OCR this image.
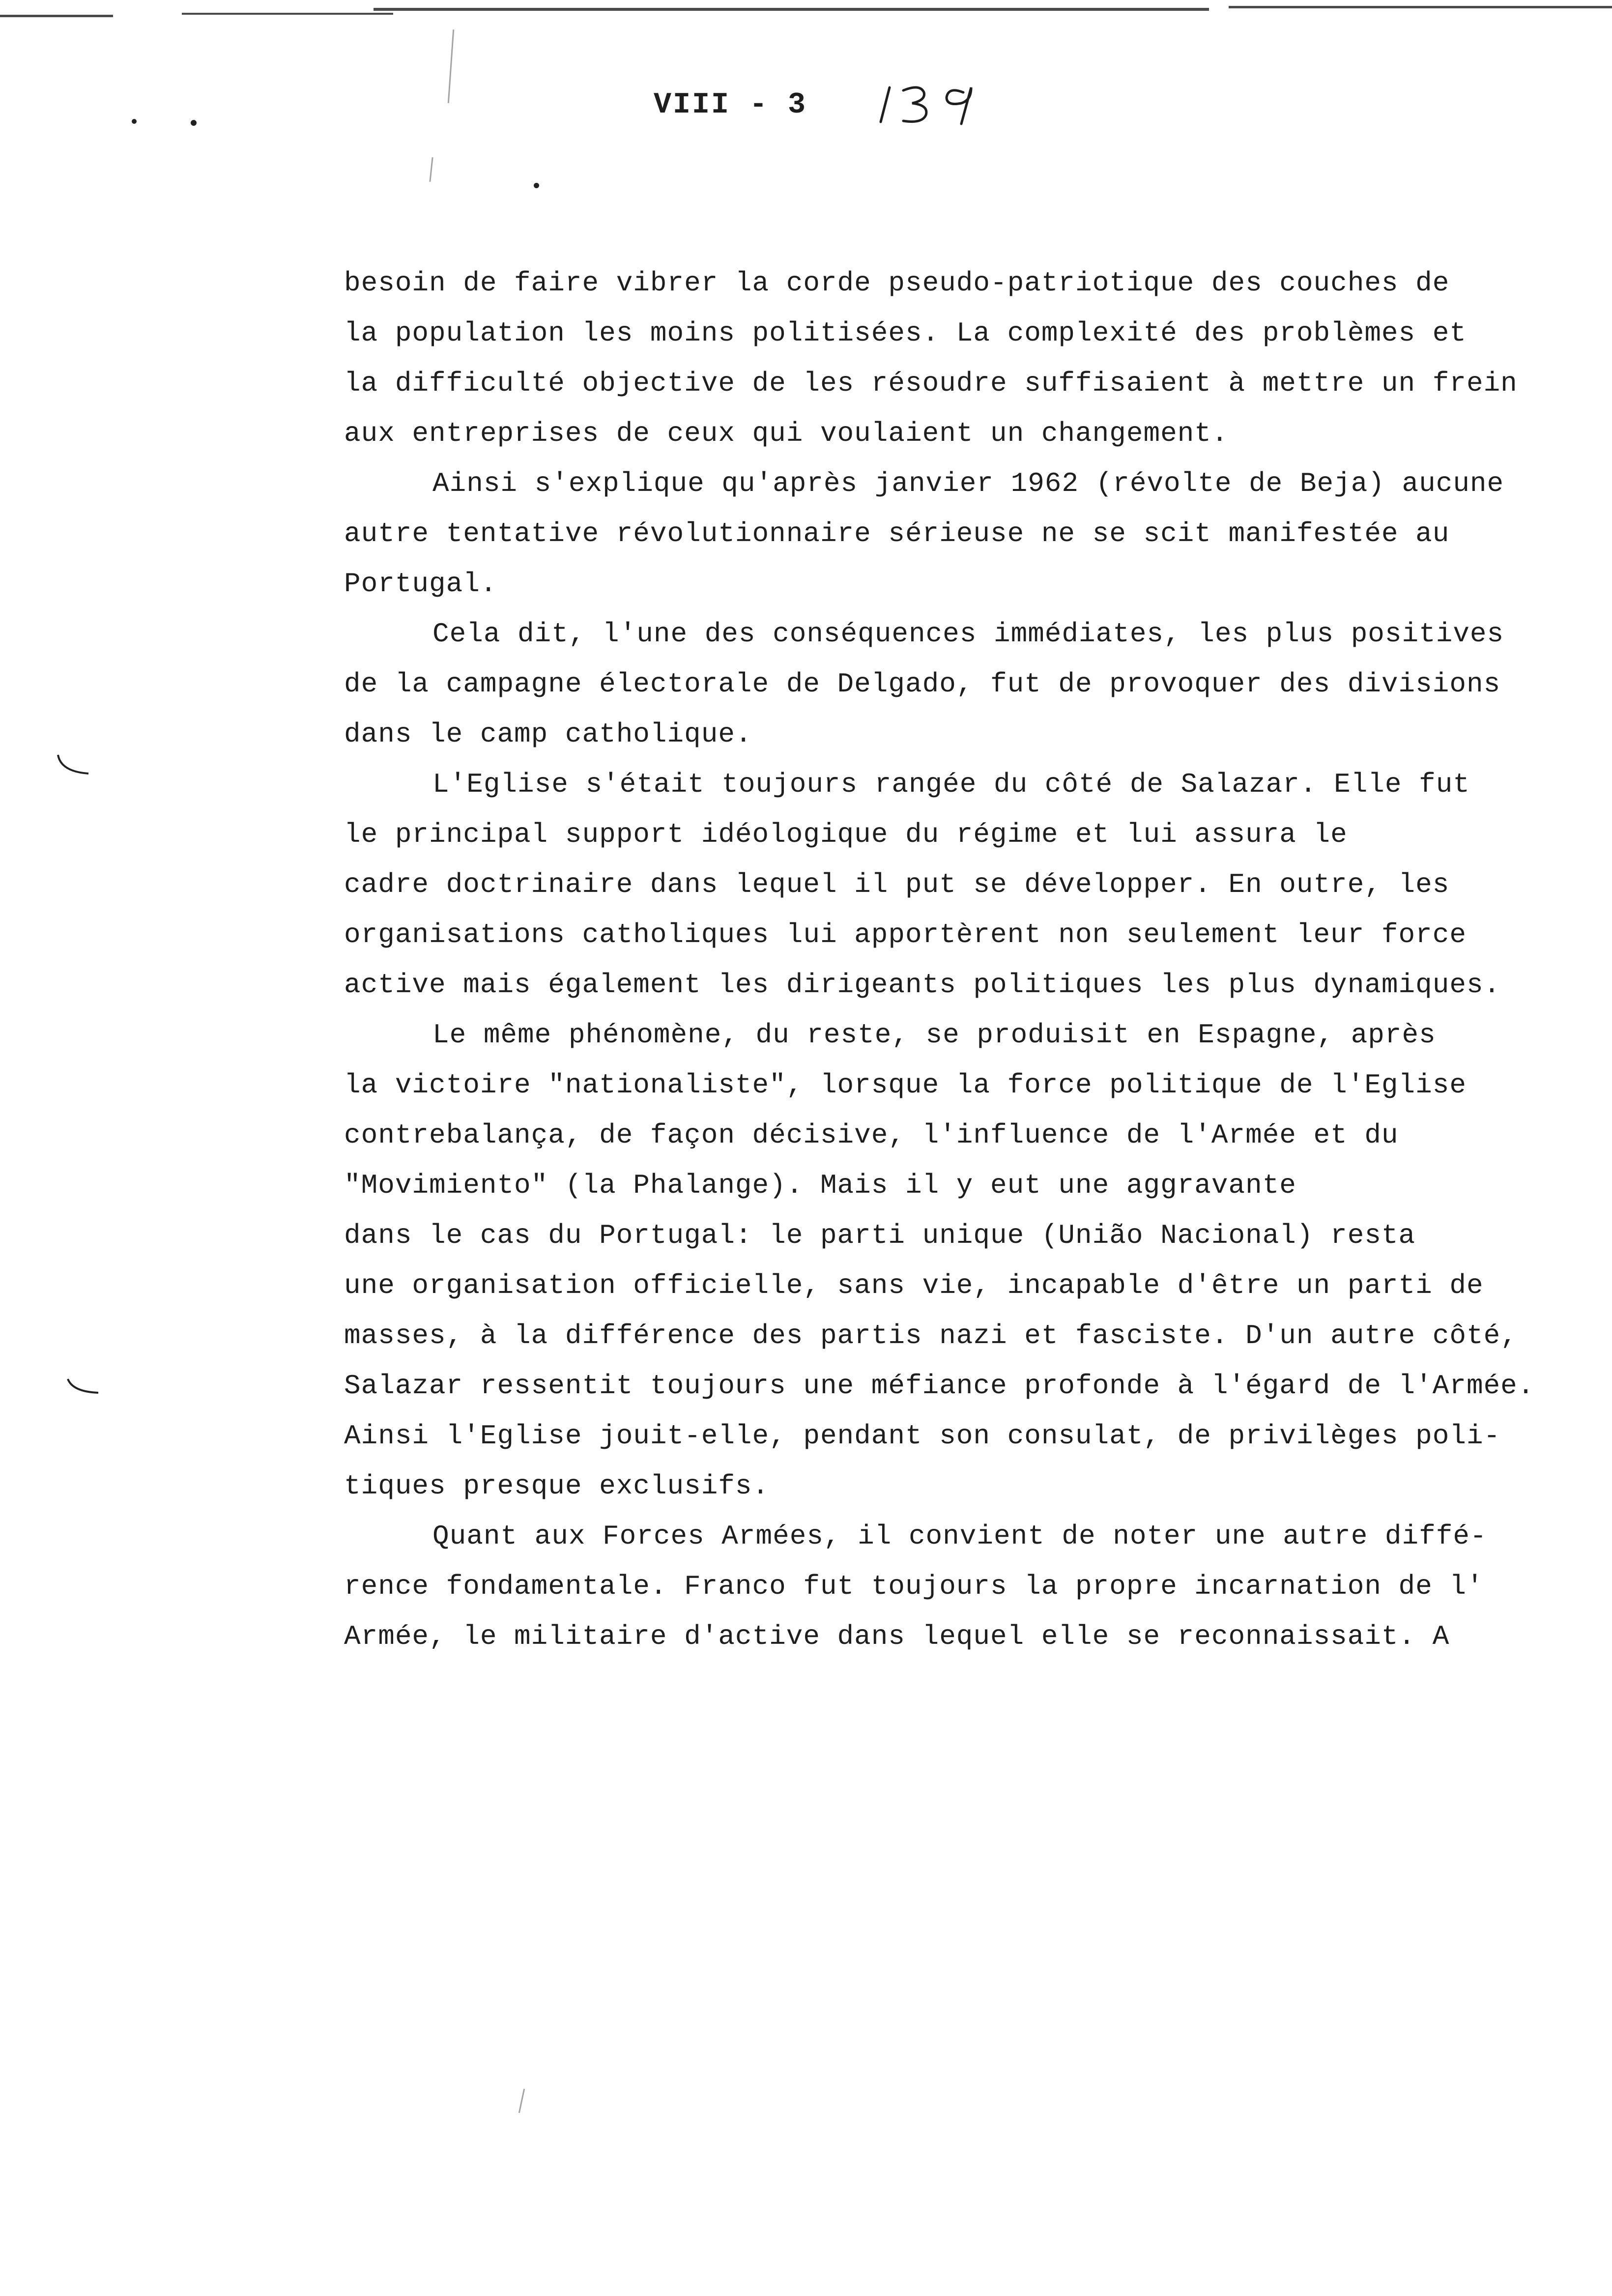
VIII - 3
besoin de faire vibrer la corde pseudo-patriotique des couches de
la population les moins politisées. La complexité des problèmes et
la difficulté objective de les résoudre suffisaient à mettre un frein
aux entreprises de ceux qui voulaient un changement.
Ainsi s'explique qu'après janvier 1962 (révolte de Beja) aucune
autre tentative révolutionnaire sérieuse ne se scit manifestée au
Portugal.
Cela dit, l'une des conséquences immédiates, les plus positives
de la campagne électorale de Delgado, fut de provoquer des divisions
dans le camp catholique.
L'Eglise s'était toujours rangée du côté de Salazar. Elle fut
le principal support idéologique du régime et lui assura le
cadre doctrinaire dans lequel il put se développer. En outre, les
organisations catholiques lui apportèrent non seulement leur force
active mais également les dirigeants politiques les plus dynamiques.
Le même phénomène, du reste, se produisit en Espagne, après
la victoire "nationaliste", lorsque la force politique de l'Eglise
contrebalança, de façon décisive, l'influence de l'Armée et du
"Movimiento" (la Phalange). Mais il y eut une aggravante
dans le cas du Portugal: le parti unique (União Nacional) resta
une organisation officielle, sans vie, incapable d'être un parti de
masses, à la différence des partis nazi et fasciste. D'un autre côté,
Salazar ressentit toujours une méfiance profonde à l'égard de l'Armée.
Ainsi l'Eglise jouit-elle, pendant son consulat, de privilèges poli-
tiques presque exclusifs.
Quant aux Forces Armées, il convient de noter une autre diffé-
rence fondamentale. Franco fut toujours la propre incarnation de l'
Armée, le militaire d'active dans lequel elle se reconnaissait. A
